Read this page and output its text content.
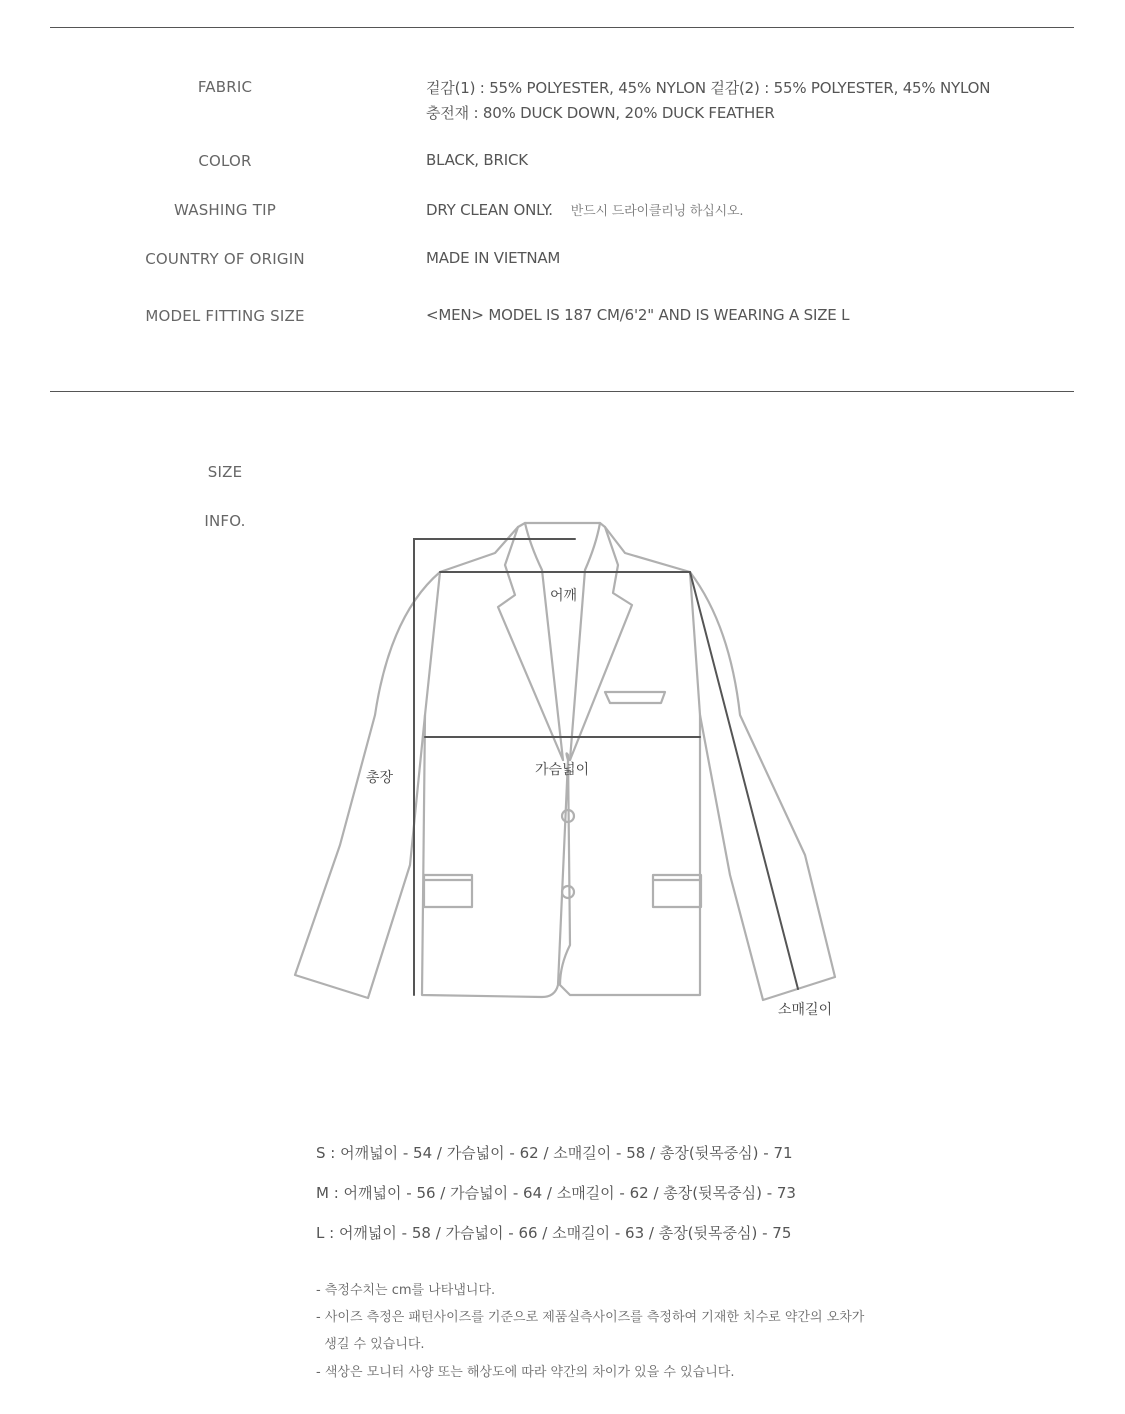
FABRIC	겉감(1) : 55% POLYESTER, 45% NYLON 겉감(2) : 55% POLYESTER, 45% NYLON
충전재 : 80% DUCK DOWN, 20% DUCK FEATHER
COLOR	BLACK, BRICK
WASHING TIP	DRY CLEAN ONLY. 반드시 드라이클리닝 하십시오.
COUNTRY OF ORIGIN	MADE IN VIETNAM
MODEL FITTING SIZE	<MEN> MODEL IS 187 CM/6'2" AND IS WEARING A SIZE L
SIZE
INFO.
어깨
가슴넓이
총장
소매길이
S : 어깨넓이 - 54 / 가슴넓이 - 62 / 소매길이 - 58 / 총장(뒷목중심) - 71
M : 어깨넓이 - 56 / 가슴넓이 - 64 / 소매길이 - 62 / 총장(뒷목중심) - 73
L : 어깨넓이 - 58 / 가슴넓이 - 66 / 소매길이 - 63 / 총장(뒷목중심) - 75
- 측정수치는 cm를 나타냅니다.
- 사이즈 측정은 패턴사이즈를 기준으로 제품실측사이즈를 측정하여 기재한 치수로 약간의 오차가
생길 수 있습니다.
- 색상은 모니터 사양 또는 해상도에 따라 약간의 차이가 있을 수 있습니다.
